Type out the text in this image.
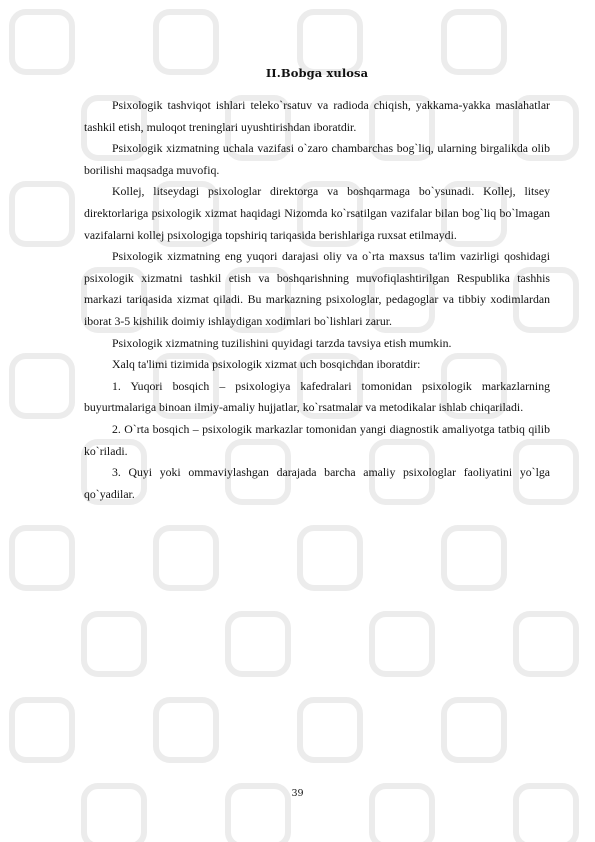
II.Bobga xulosa

Psixologik tashviqot ishlari teleko`rsatuv va radioda chiqish, yakkama-yakka maslahatlar tashkil etish, muloqot treninglari uyushtirishdan iboratdir.

Psixologik xizmatning uchala vazifasi o`zaro chambarchas bog`liq, ularning birgalikda olib borilishi maqsadga muvofiq.

Kollej, litseydagi psixologlar direktorga va boshqarmaga bo`ysunadi. Kollej, litsey direktorlariga psixologik xizmat haqidagi Nizomda ko`rsatilgan vazifalar bilan bog`liq bo`lmagan vazifalarni kollej psixologiga topshiriq tariqasida berishlariga ruxsat etilmaydi.

Psixologik xizmatning eng yuqori darajasi oliy va o`rta maxsus ta'lim vazirligi qoshidagi psixologik xizmatni tashkil etish va boshqarishning muvofiqlashtirilgan Respublika tashhis markazi tariqasida xizmat qiladi. Bu markazning psixologlar, pedagoglar va tibbiy xodimlardan iborat 3-5 kishilik doimiy ishlaydigan xodimlari bo`lishlari zarur.

Psixologik xizmatning tuzilishini quyidagi tarzda tavsiya etish mumkin.

Xalq ta'limi tizimida psixologik xizmat uch bosqichdan iboratdir:

1. Yuqori bosqich – psixologiya kafedralari tomonidan psixologik markazlarning buyurtmalariga binoan ilmiy-amaliy hujjatlar, ko`rsatmalar va metodikalar ishlab chiqariladi.

2. O`rta bosqich – psixologik markazlar tomonidan yangi diagnostik amaliyotga tatbiq qilib ko`riladi.

3. Quyi yoki ommaviylashgan darajada barcha amaliy psixologlar faoliyatini yo`lga qo`yadilar.

39
